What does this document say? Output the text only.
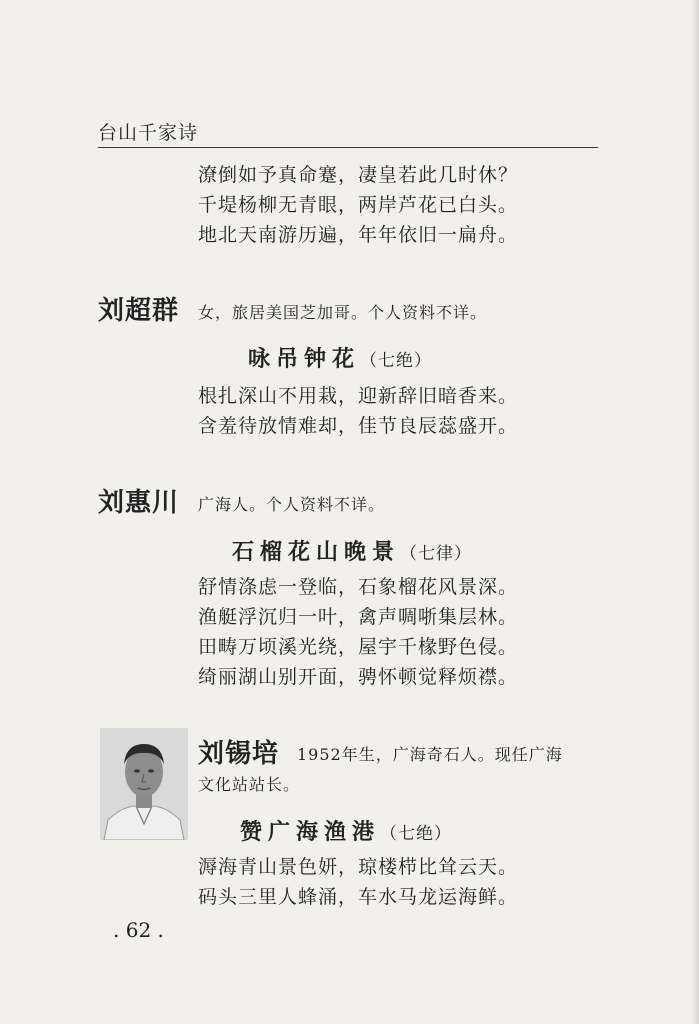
台山千家诗
潦倒如予真命蹇，凄皇若此几时休？
千堤杨柳无青眼，两岸芦花已白头。
地北天南游历遍，年年依旧一扁舟。
刘超群 女，旅居美国芝加哥。个人资料不详。
咏吊钟花（七绝）
根扎深山不用栽，迎新辞旧暗香来。
含羞待放情难却，佳节良辰蕊盛开。
刘惠川 广海人。个人资料不详。
石榴花山晚景（七律）
舒情涤虑一登临，石象榴花风景深。
渔艇浮沉归一叶，禽声啁哳集层林。
田畴万顷溪光绕，屋宇千椽野色侵。
绮丽湖山别开面，骋怀顿觉释烦襟。
刘锡培 1952年生，广海奇石人。现任广海
文化站站长。
赞广海渔港（七绝）
溽海青山景色妍，琼楼栉比耸云天。
码头三里人蜂涌，车水马龙运海鲜。
. 62 .
